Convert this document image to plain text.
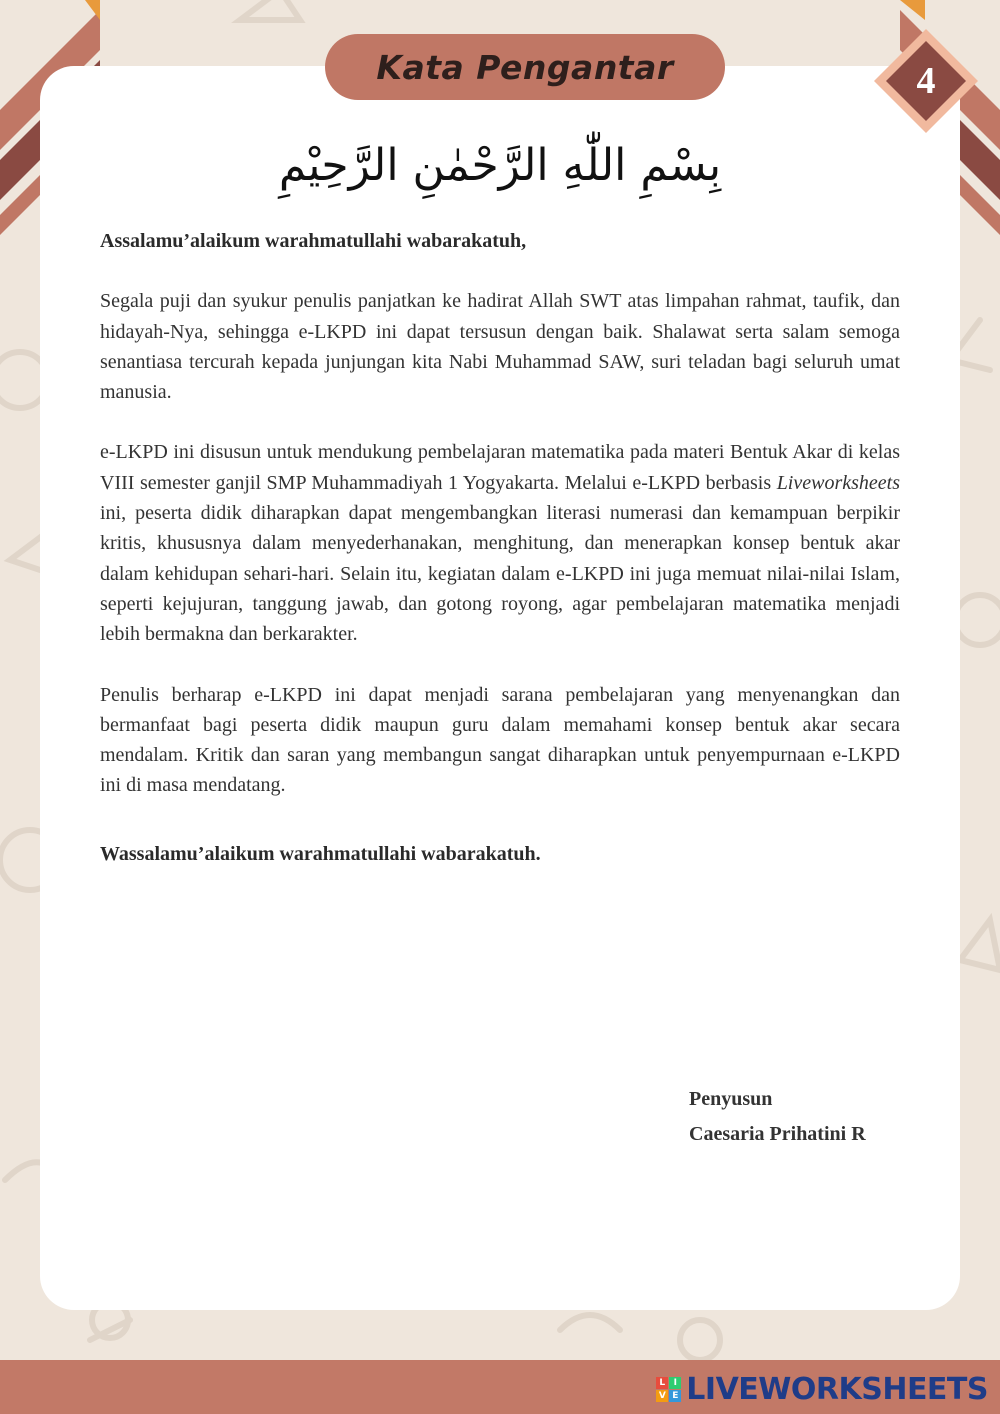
Kata Pengantar	4
بِسْمِ اللّٰهِ الرَّحْمٰنِ الرَّحِيْمِ

Assalamu’alaikum warahmatullahi wabarakatuh,

Segala puji dan syukur penulis panjatkan ke hadirat Allah SWT atas limpahan rahmat, taufik, dan hidayah-Nya, sehingga e-LKPD ini dapat tersusun dengan baik. Shalawat serta salam semoga senantiasa tercurah kepada junjungan kita Nabi Muhammad SAW, suri teladan bagi seluruh umat manusia.

e-LKPD ini disusun untuk mendukung pembelajaran matematika pada materi Bentuk Akar di kelas VIII semester ganjil SMP Muhammadiyah 1 Yogyakarta. Melalui e-LKPD berbasis Liveworksheets ini, peserta didik diharapkan dapat mengembangkan literasi numerasi dan kemampuan berpikir kritis, khususnya dalam menyederhanakan, menghitung, dan menerapkan konsep bentuk akar dalam kehidupan sehari-hari. Selain itu, kegiatan dalam e-LKPD ini juga memuat nilai-nilai Islam, seperti kejujuran, tanggung jawab, dan gotong royong, agar pembelajaran matematika menjadi lebih bermakna dan berkarakter.

Penulis berharap e-LKPD ini dapat menjadi sarana pembelajaran yang menyenangkan dan bermanfaat bagi peserta didik maupun guru dalam memahami konsep bentuk akar secara mendalam. Kritik dan saran yang membangun sangat diharapkan untuk penyempurnaan e-LKPD ini di masa mendatang.

Wassalamu’alaikum warahmatullahi wabarakatuh.

Penyusun
Caesaria Prihatini R
L I
V E LIVEWORKSHEETS
